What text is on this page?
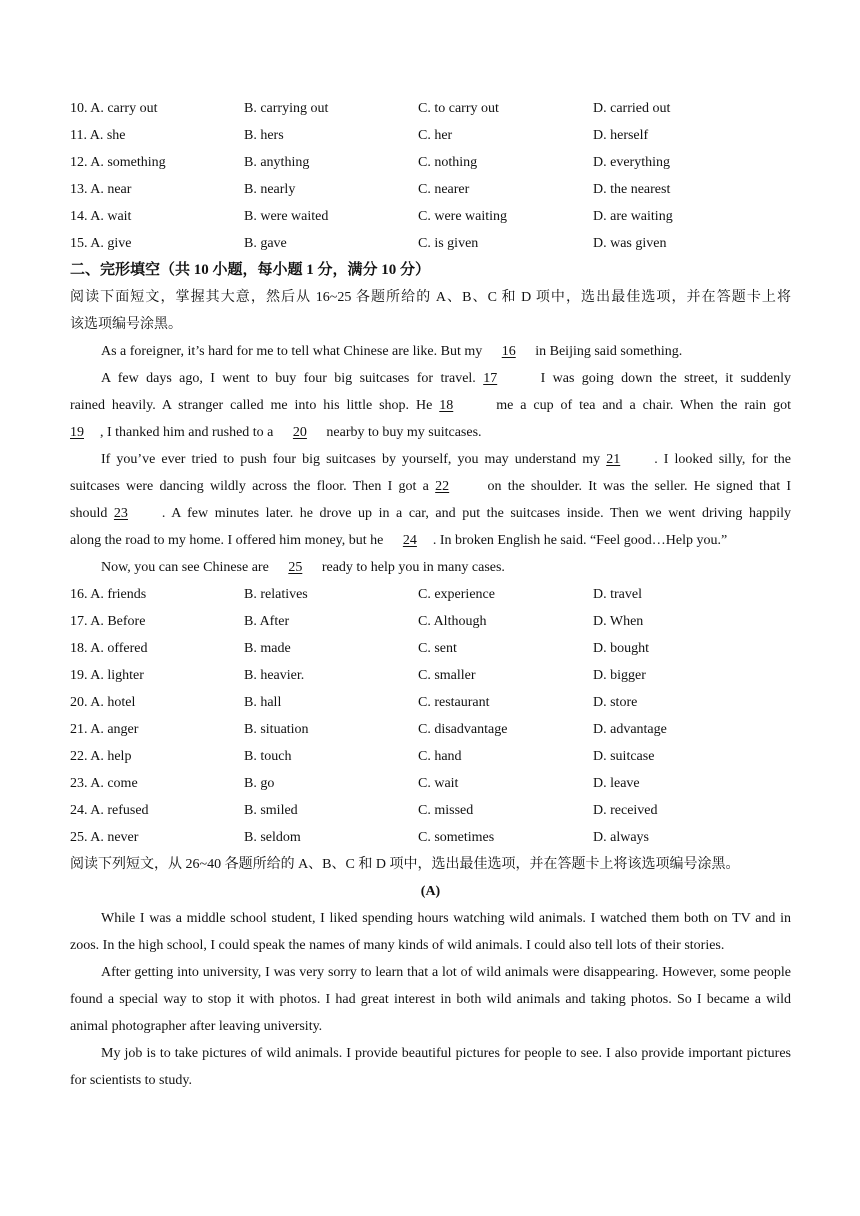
10. A. carry out	B. carrying out	C. to carry out	D. carried out
11. A. she	B. hers	C. her	D. herself
12. A. something	B. anything	C. nothing	D. everything
13. A. near	B. nearly	C. nearer	D. the nearest
14. A. wait	B. were waited	C. were waiting	D. are waiting
15. A. give	B. gave	C. is given	D. was given
二、完形填空（共 10 小题，每小题 1 分，满分 10 分）
阅读下面短文，掌握其大意，然后从 16~25 各题所给的 A、B、C 和 D 项中，选出最佳选项，并在答题卡上将
该选项编号涂黑。
As a foreigner, it’s hard for me to tell what Chinese are like. But my 16 in Beijing said something.
A few days ago, I went to buy four big suitcases for travel. 17	I was going down the street, it suddenly
rained heavily. A stranger called me into his little shop. He 18	me a cup of tea and a chair. When the rain got
19 , I thanked him and rushed to a 20 nearby to buy my suitcases.
If you’ve ever tried to push four big suitcases by yourself, you may understand my 21 . I looked silly, for the
suitcases were dancing wildly across the floor. Then I got a 22	on the shoulder. It was the seller. He signed that I
should 23 . A few minutes later. he drove up in a car, and put the suitcases inside. Then we went driving happily
along the road to my home. I offered him money, but he 24 . In broken English he said. “Feel good…Help you.”
Now, you can see Chinese are 25 ready to help you in many cases.
16. A. friends	B. relatives	C. experience	D. travel
17. A. Before	B. After	C. Although	D. When
18. A. offered	B. made	C. sent	D. bought
19. A. lighter	B. heavier.	C. smaller	D. bigger
20. A. hotel	B. hall	C. restaurant	D. store
21. A. anger	B. situation	C. disadvantage	D. advantage
22. A. help	B. touch	C. hand	D. suitcase
23. A. come	B. go	C. wait	D. leave
24. A. refused	B. smiled	C. missed	D. received
25. A. never	B. seldom	C. sometimes	D. always
阅读下列短文，从 26~40 各题所给的 A、B、C 和 D 项中，选出最佳选项，并在答题卡上将该选项编号涂黑。
(A)
While I was a middle school student, I liked spending hours watching wild animals. I watched them both on TV and in zoos. In the high school, I could speak the names of many kinds of wild animals. I could also tell lots of their stories.
After getting into university, I was very sorry to learn that a lot of wild animals were disappearing. However, some people found a special way to stop it with photos. I had great interest in both wild animals and taking photos. So I became a wild animal photographer after leaving university.
My job is to take pictures of wild animals. I provide beautiful pictures for people to see. I also provide important pictures for scientists to study.
